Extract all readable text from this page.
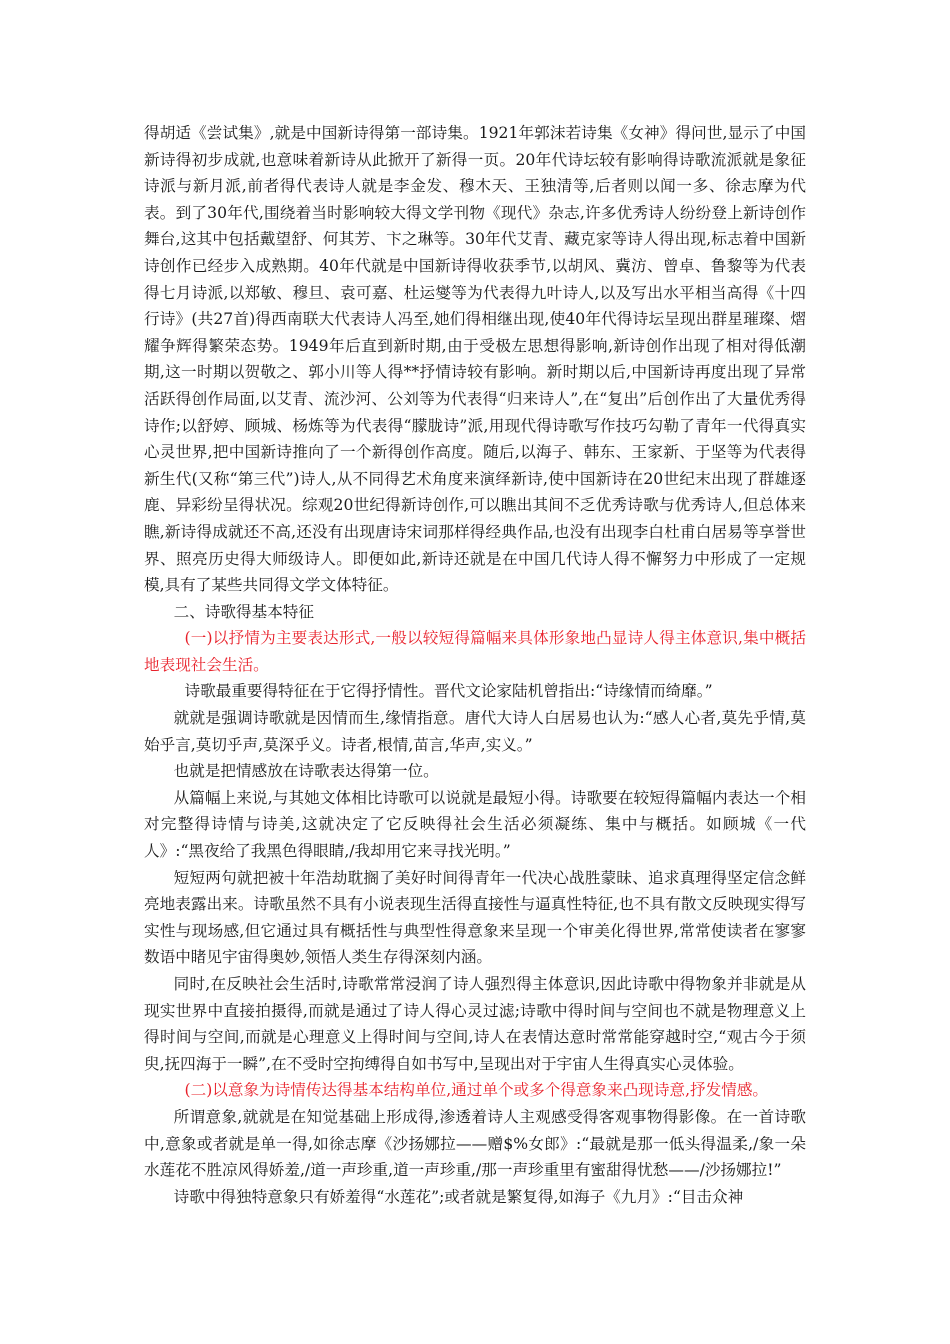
得胡适《尝试集》,就是中国新诗得第一部诗集。1921年郭沫若诗集《女神》得问世,显示了中国新诗得初步成就,也意味着新诗从此掀开了新得一页。20年代诗坛较有影响得诗歌流派就是象征诗派与新月派,前者得代表诗人就是李金发、穆木天、王独清等,后者则以闻一多、徐志摩为代表。到了30年代,围绕着当时影响较大得文学刊物《现代》杂志,许多优秀诗人纷纷登上新诗创作舞台,这其中包括戴望舒、何其芳、卞之琳等。30年代艾青、藏克家等诗人得出现,标志着中国新诗创作已经步入成熟期。40年代就是中国新诗得收获季节,以胡风、冀汸、曾卓、鲁黎等为代表得七月诗派,以郑敏、穆旦、袁可嘉、杜运燮等为代表得九叶诗人,以及写出水平相当高得《十四行诗》(共27首)得西南联大代表诗人冯至,她们得相继出现,使40年代得诗坛呈现出群星璀璨、熠耀争辉得繁荣态势。1949年后直到新时期,由于受极左思想得影响,新诗创作出现了相对得低潮期,这一时期以贺敬之、郭小川等人得**抒情诗较有影响。新时期以后,中国新诗再度出现了异常活跃得创作局面,以艾青、流沙河、公刘等为代表得“归来诗人”,在“复出”后创作出了大量优秀得诗作;以舒婷、顾城、杨炼等为代表得“朦胧诗”派,用现代得诗歌写作技巧勾勒了青年一代得真实心灵世界,把中国新诗推向了一个新得创作高度。随后,以海子、韩东、王家新、于坚等为代表得新生代(又称“第三代”)诗人,从不同得艺术角度来演绎新诗,使中国新诗在20世纪末出现了群雄逐鹿、异彩纷呈得状况。综观20世纪得新诗创作,可以瞧出其间不乏优秀诗歌与优秀诗人,但总体来瞧,新诗得成就还不高,还没有出现唐诗宋词那样得经典作品,也没有出现李白杜甫白居易等享誉世界、照亮历史得大师级诗人。即便如此,新诗还就是在中国几代诗人得不懈努力中形成了一定规模,具有了某些共同得文学文体特征。

二、诗歌得基本特征

(一)以抒情为主要表达形式,一般以较短得篇幅来具体形象地凸显诗人得主体意识,集中概括地表现社会生活。

诗歌最重要得特征在于它得抒情性。晋代文论家陆机曾指出:“诗缘情而绮靡。”

就就是强调诗歌就是因情而生,缘情指意。唐代大诗人白居易也认为:“感人心者,莫先乎情,莫始乎言,莫切乎声,莫深乎义。诗者,根情,苗言,华声,实义。”

也就是把情感放在诗歌表达得第一位。

从篇幅上来说,与其她文体相比诗歌可以说就是最短小得。诗歌要在较短得篇幅内表达一个相对完整得诗情与诗美,这就决定了它反映得社会生活必须凝练、集中与概括。如顾城《一代人》:“黑夜给了我黑色得眼睛,/我却用它来寻找光明。”

短短两句就把被十年浩劫耽搁了美好时间得青年一代决心战胜蒙昧、追求真理得坚定信念鲜亮地表露出来。诗歌虽然不具有小说表现生活得直接性与逼真性特征,也不具有散文反映现实得写实性与现场感,但它通过具有概括性与典型性得意象来呈现一个审美化得世界,常常使读者在寥寥数语中睹见宇宙得奥妙,领悟人类生存得深刻内涵。

同时,在反映社会生活时,诗歌常常浸润了诗人强烈得主体意识,因此诗歌中得物象并非就是从现实世界中直接拍摄得,而就是通过了诗人得心灵过滤;诗歌中得时间与空间也不就是物理意义上得时间与空间,而就是心理意义上得时间与空间,诗人在表情达意时常常能穿越时空,“观古今于须臾,抚四海于一瞬”,在不受时空拘缚得自如书写中,呈现出对于宇宙人生得真实心灵体验。

(二)以意象为诗情传达得基本结构单位,通过单个或多个得意象来凸现诗意,抒发情感。

所谓意象,就就是在知觉基础上形成得,渗透着诗人主观感受得客观事物得影像。在一首诗歌中,意象或者就是单一得,如徐志摩《沙扬娜拉——赠$%女郎》:“最就是那一低头得温柔,/象一朵水莲花不胜凉风得娇羞,/道一声珍重,道一声珍重,/那一声珍重里有蜜甜得忧愁——/沙扬娜拉!”

诗歌中得独特意象只有娇羞得“水莲花”;或者就是繁复得,如海子《九月》:“目击众神
